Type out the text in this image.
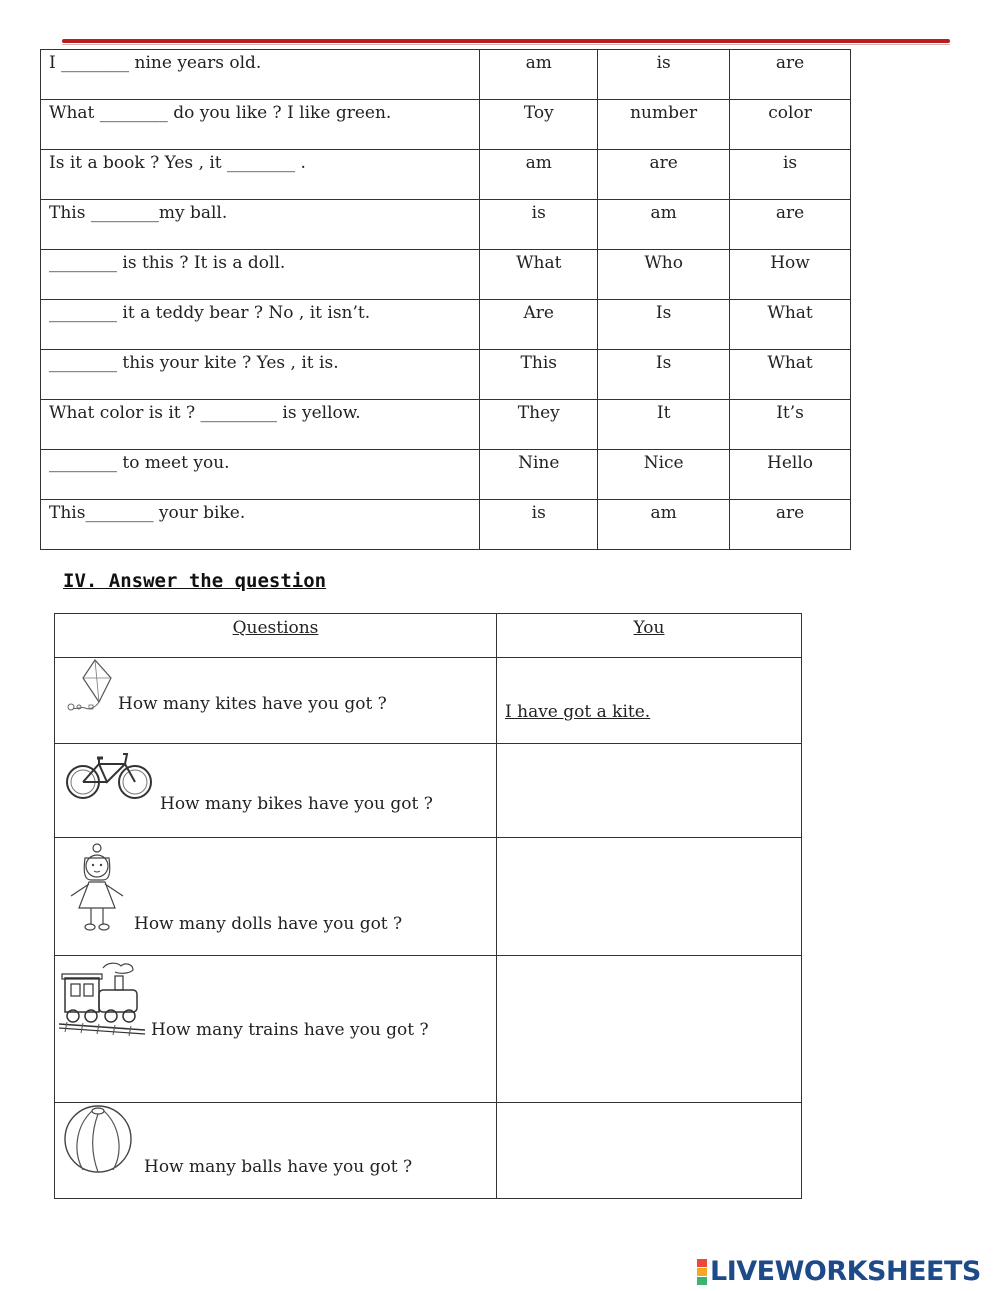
I ________ nine years old.	am	is	are
What ________ do you like ? I like green.	Toy	number	color
Is it a book ? Yes , it ________ .	am	are	is
This ________my ball.	is	am	are
________ is this ? It is a doll.	What	Who	How
________ it a teddy bear ? No , it isn’t.	Are	Is	What
________ this your kite ? Yes , it is.	This	Is	What
What color is it ? _________ is yellow.	They	It	It’s
________ to meet you.	Nine	Nice	Hello
This________ your bike.	is	am	are
IV. Answer the question
Questions	You

How many kites have you got ?	I have got a kite.

How many bikes have you got ?	

How many dolls have you got ?	

How many trains have you got ?	

How many balls have you got ?	

LIVEWORKSHEETS
